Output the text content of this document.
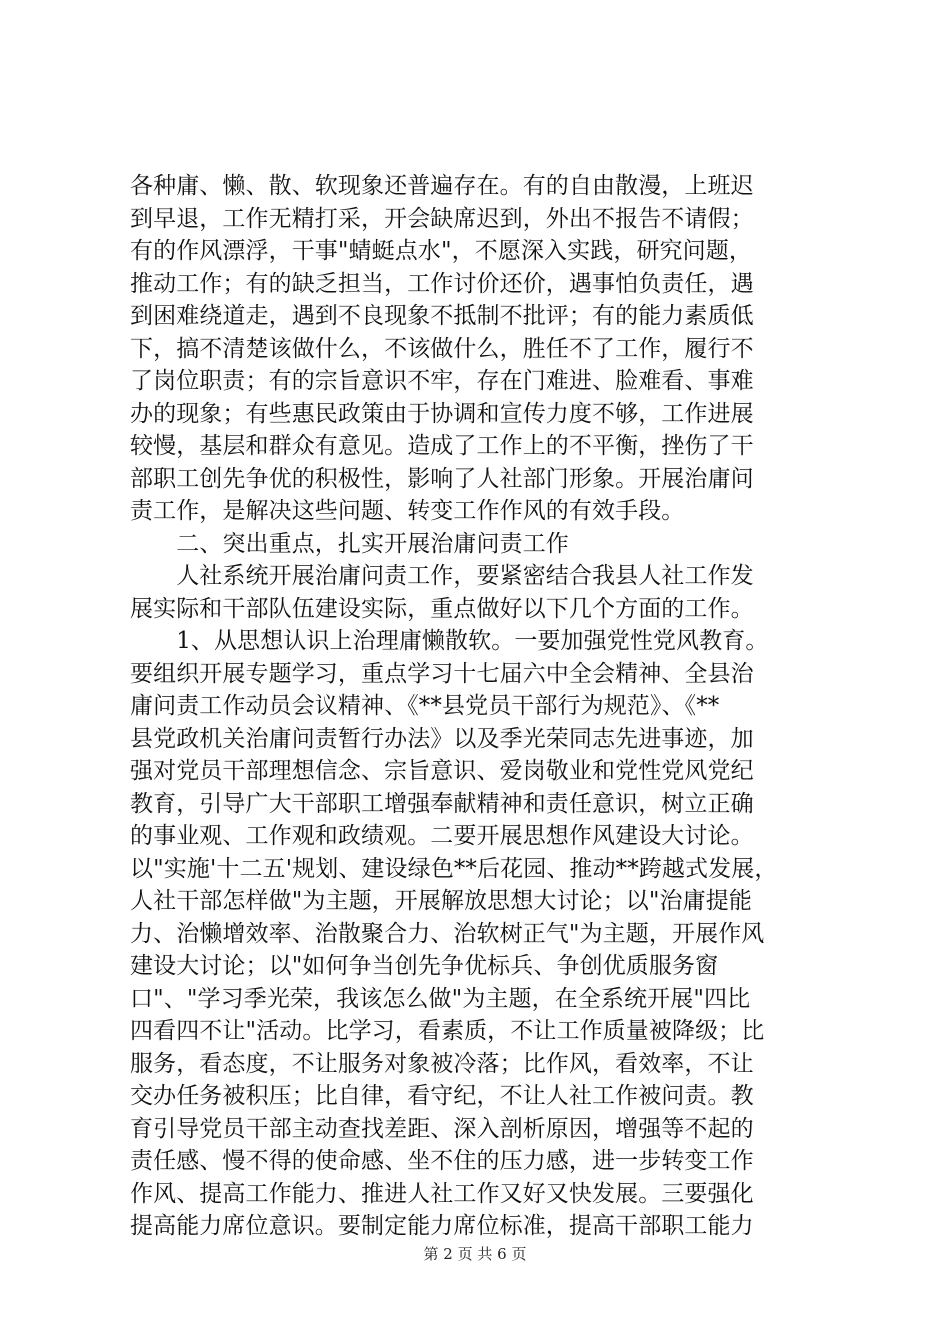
各种庸、懒、散、软现象还普遍存在。有的自由散漫，上班迟
到早退，工作无精打采，开会缺席迟到，外出不报告不请假；
有的作风漂浮，干事"蜻蜓点水"，不愿深入实践，研究问题，
推动工作；有的缺乏担当，工作讨价还价，遇事怕负责任，遇
到困难绕道走，遇到不良现象不抵制不批评；有的能力素质低
下，搞不清楚该做什么，不该做什么，胜任不了工作，履行不
了岗位职责；有的宗旨意识不牢，存在门难进、脸难看、事难
办的现象；有些惠民政策由于协调和宣传力度不够，工作进展
较慢，基层和群众有意见。造成了工作上的不平衡，挫伤了干
部职工创先争优的积极性，影响了人社部门形象。开展治庸问
责工作，是解决这些问题、转变工作作风的有效手段。
　　二、突出重点，扎实开展治庸问责工作
　　人社系统开展治庸问责工作，要紧密结合我县人社工作发
展实际和干部队伍建设实际，重点做好以下几个方面的工作。
　　1、从思想认识上治理庸懒散软。一要加强党性党风教育。
要组织开展专题学习，重点学习十七届六中全会精神、全县治
庸问责工作动员会议精神、《**县党员干部行为规范》、《**
县党政机关治庸问责暂行办法》以及季光荣同志先进事迹，加
强对党员干部理想信念、宗旨意识、爱岗敬业和党性党风党纪
教育，引导广大干部职工增强奉献精神和责任意识，树立正确
的事业观、工作观和政绩观。二要开展思想作风建设大讨论。
以"实施'十二五'规划、建设绿色**后花园、推动**跨越式发展，
人社干部怎样做"为主题，开展解放思想大讨论；以"治庸提能
力、治懒增效率、治散聚合力、治软树正气"为主题，开展作风
建设大讨论；以"如何争当创先争优标兵、争创优质服务窗
口"、"学习季光荣，我该怎么做"为主题，在全系统开展"四比
四看四不让"活动。比学习，看素质，不让工作质量被降级；比
服务，看态度，不让服务对象被冷落；比作风，看效率，不让
交办任务被积压；比自律，看守纪，不让人社工作被问责。教
育引导党员干部主动查找差距、深入剖析原因，增强等不起的
责任感、慢不得的使命感、坐不住的压力感，进一步转变工作
作风、提高工作能力、推进人社工作又好又快发展。三要强化
提高能力席位意识。要制定能力席位标准，提高干部职工能力
第 2 页 共 6 页
